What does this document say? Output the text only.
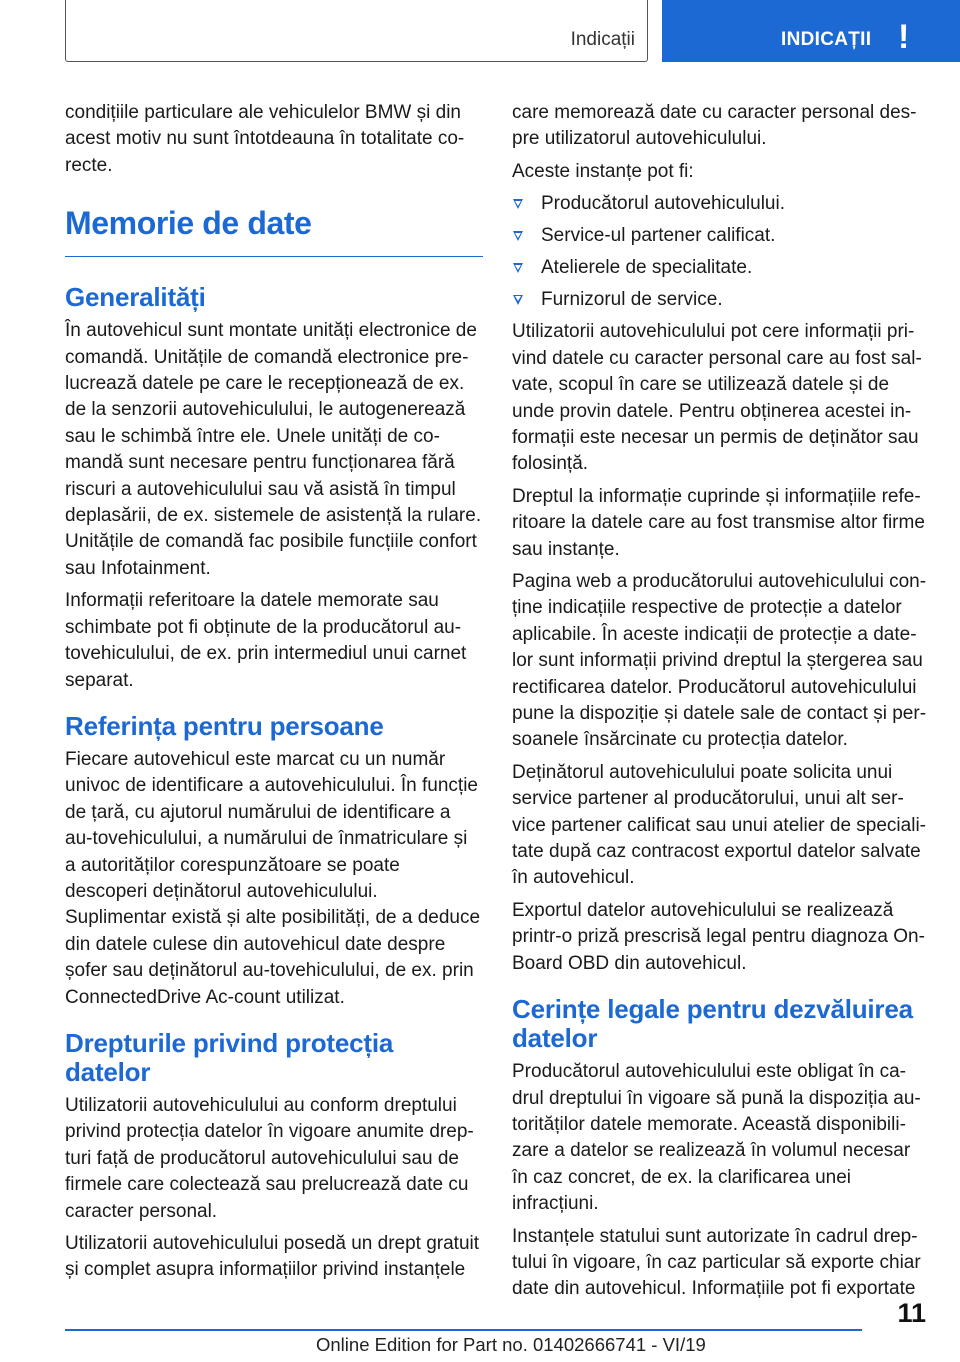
Indicații	INDICAȚII !

condițiile particulare ale vehiculelor BMW și din acest motiv nu sunt întotdeauna în totalitate co-recte.

Memorie de date
Generalități

În autovehicul sunt montate unități electronice de comandă. Unitățile de comandă electronice pre-lucrează datele pe care le recepționează de ex. de la senzorii autovehiculului, le autogenerează sau le schimbă între ele. Unele unități de co-mandă sunt necesare pentru funcționarea fără riscuri a autovehiculului sau vă asistă în timpul deplasării, de ex. sistemele de asistență la rulare. Unitățile de comandă fac posibile funcțiile confort sau Infotainment.

Informații referitoare la datele memorate sau schimbate pot fi obținute de la producătorul au-tovehiculului, de ex. prin intermediul unui carnet separat.

Referința pentru persoane

Fiecare autovehicul este marcat cu un număr univoc de identificare a autovehiculului. În funcție de țară, cu ajutorul numărului de identificare a au-tovehiculului, a numărului de înmatriculare și a autorităților corespunzătoare se poate descoperi deținătorul autovehiculului. Suplimentar există și alte posibilități, de a deduce din datele culese din autovehicul date despre șofer sau deținătorul au-tovehiculului, de ex. prin ConnectedDrive Ac-count utilizat.

Drepturile privind protecția datelor

Utilizatorii autovehiculului au conform dreptului privind protecția datelor în vigoare anumite drep-turi față de producătorul autovehiculului sau de firmele care colectează sau prelucrează date cu caracter personal.

Utilizatorii autovehiculului posedă un drept gratuit și complet asupra informațiilor privind instanțele

care memorează date cu caracter personal des-pre utilizatorul autovehiculului.

Aceste instanțe pot fi:

Producătorul autovehiculului.
Service-ul partener calificat.
Atelierele de specialitate.
Furnizorul de service.

Utilizatorii autovehiculului pot cere informații pri-vind datele cu caracter personal care au fost sal-vate, scopul în care se utilizează datele și de unde provin datele. Pentru obținerea acestei in-formații este necesar un permis de deținător sau folosință.

Dreptul la informație cuprinde și informațiile refe-ritoare la datele care au fost transmise altor firme sau instanțe.

Pagina web a producătorului autovehiculului con-ține indicațiile respective de protecție a datelor aplicabile. În aceste indicații de protecție a date-lor sunt informații privind dreptul la ștergerea sau rectificarea datelor. Producătorul autovehiculului pune la dispoziție și datele sale de contact și per-soanele însărcinate cu protecția datelor.

Deținătorul autovehiculului poate solicita unui service partener al producătorului, unui alt ser-vice partener calificat sau unui atelier de speciali-tate după caz contracost exportul datelor salvate în autovehicul.

Exportul datelor autovehiculului se realizează printr-o priză prescrisă legal pentru diagnoza On-Board OBD din autovehicul.

Cerințe legale pentru dezvăluirea datelor

Producătorul autovehiculului este obligat în ca-drul dreptului în vigoare să pună la dispoziția au-torităților datele memorate. Această disponibili-zare a datelor se realizează în volumul necesar în caz concret, de ex. la clarificarea unei infracțiuni.

Instanțele statului sunt autorizate în cadrul drep-tului în vigoare, în caz particular să exporte chiar date din autovehicul. Informațiile pot fi exportate

11
Online Edition for Part no. 01402666741 - VI/19
